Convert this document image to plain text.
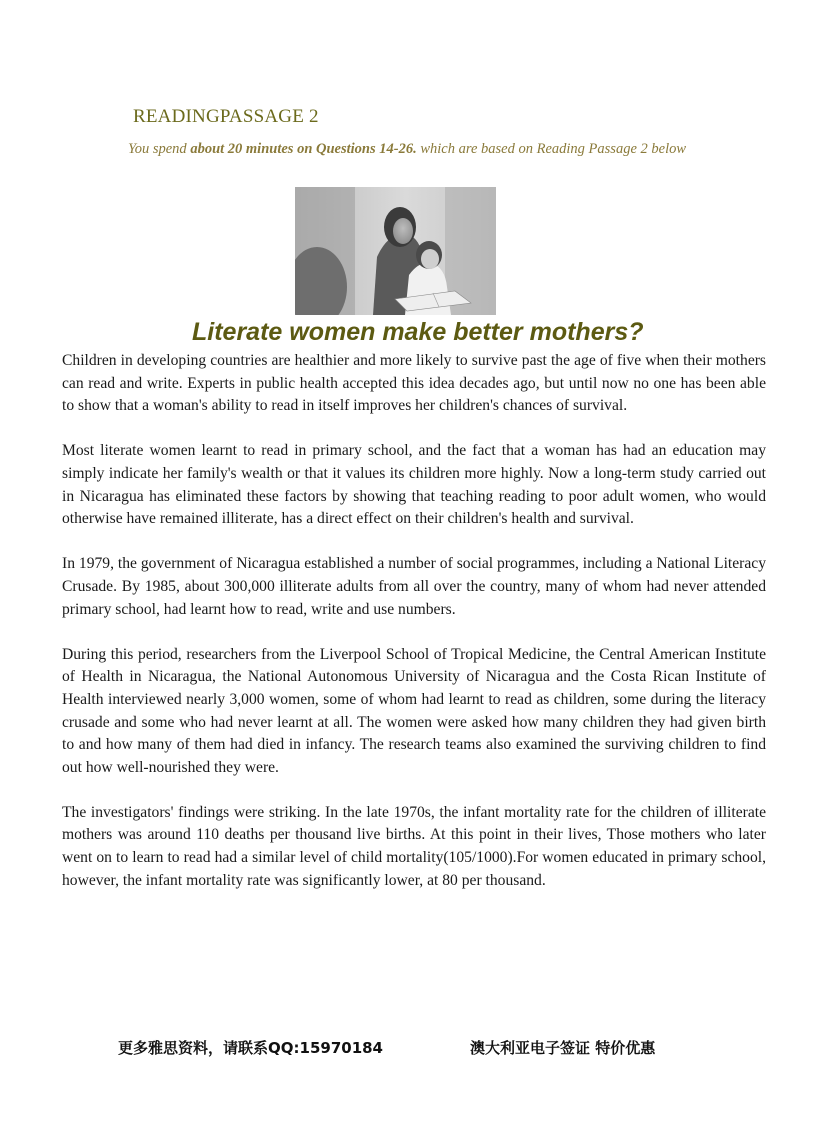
READINGPASSAGE 2
You spend about 20 minutes on Questions 14-26. which are based on Reading Passage 2 below
Literate women make better mothers?

Children in developing countries are healthier and more likely to survive past the age of five when their mothers can read and write. Experts in public health accepted this idea decades ago, but until now no one has been able to show that a woman's ability to read in itself improves her children's chances of survival.

Most literate women learnt to read in primary school, and the fact that a woman has had an education may simply indicate her family's wealth or that it values its children more highly. Now a long-term study carried out in Nicaragua has eliminated these factors by showing that teaching reading to poor adult women, who would otherwise have remained illiterate, has a direct effect on their children's health and survival.

In 1979, the government of Nicaragua established a number of social programmes, including a National Literacy Crusade. By 1985, about 300,000 illiterate adults from all over the country, many of whom had never attended primary school, had learnt how to read, write and use numbers.

During this period, researchers from the Liverpool School of Tropical Medicine, the Central American Institute of Health in Nicaragua, the National Autonomous University of Nicaragua and the Costa Rican Institute of Health interviewed nearly 3,000 women, some of whom had learnt to read as children, some during the literacy crusade and some who had never learnt at all. The women were asked how many children they had given birth to and how many of them had died in infancy. The research teams also examined the surviving children to find out how well-nourished they were.

The investigators' findings were striking. In the late 1970s, the infant mortality rate for the children of illiterate mothers was around 110 deaths per thousand live births. At this point in their lives, Those mothers who later went on to learn to read had a similar level of child mortality(105/1000).For women educated in primary school, however, the infant mortality rate was significantly lower, at 80 per thousand.

更多雅思资料，请联系QQ:15970184	澳大利亚电子签证 特价优惠
